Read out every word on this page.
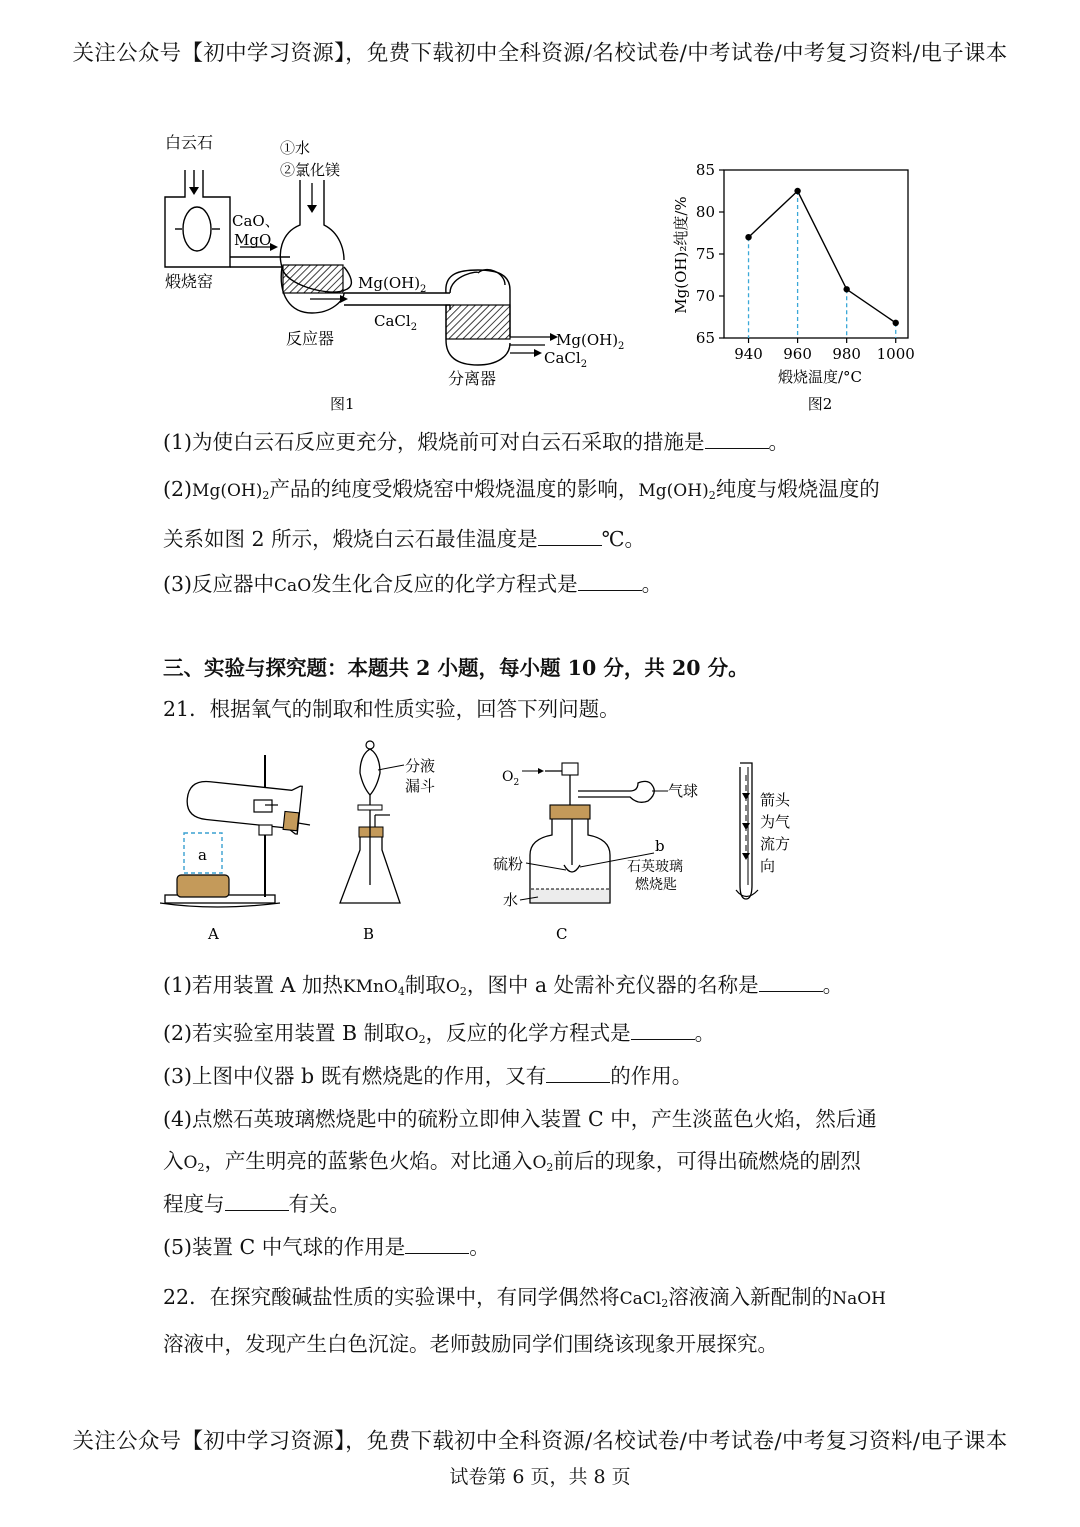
关注公众号【初中学习资源】，免费下载初中全科资源/名校试卷/中考试卷/中考复习资料/电子课本
白云石
煅烧窑
CaO、
MgO
①水
②氯化镁
反应器
$Mg(OH)_2$
CaCl$_2$
$Mg(OH)_2$
CaCl$_2$
分离器
图1
65
70
75
80
85
940 960 980 1000
Mg(OH)₂纯度/%
煅烧温度/°C
图2
(1)为使白云石反应更充分，煅烧前可对白云石采取的措施是	。
$(2)Mg(OH)_2$产品的纯度受煅烧窑中煅烧温度的影响，$Mg(OH)_2$纯度与煅烧温度的
关系如图 2 所示，煅烧白云石最佳温度是	℃。
(3)反应器中CaO发生化合反应的化学方程式是	。
三、实验与探究题：本题共 2 小题，每小题 10 分，共 20 分。
21．根据氧气的制取和性质实验，回答下列问题。
a
A
分液
漏斗
B
$O_2$	气球
硫粉
水
b
石英玻璃
燃烧匙
C
箭头
为气
流方
向
(1)若用装置 A 加热KMnO$_4$制取$O_2$，图中 a 处需补充仪器的名称是	。
(2)若实验室用装置 B 制取$O_2$，反应的化学方程式是	。
(3)上图中仪器 b 既有燃烧匙的作用，又有	的作用。
(4)点燃石英玻璃燃烧匙中的硫粉立即伸入装置 C 中，产生淡蓝色火焰，然后通
入$O_2$，产生明亮的蓝紫色火焰。对比通入$O_2$前后的现象，可得出硫燃烧的剧烈
程度与	有关。
(5)装置 C 中气球的作用是	。
22．在探究酸碱盐性质的实验课中，有同学偶然将CaCl$_2$溶液滴入新配制的NaOH
溶液中，发现产生白色沉淀。老师鼓励同学们围绕该现象开展探究。
关注公众号【初中学习资源】，免费下载初中全科资源/名校试卷/中考试卷/中考复习资料/电子课本
试卷第 6 页，共 8 页
